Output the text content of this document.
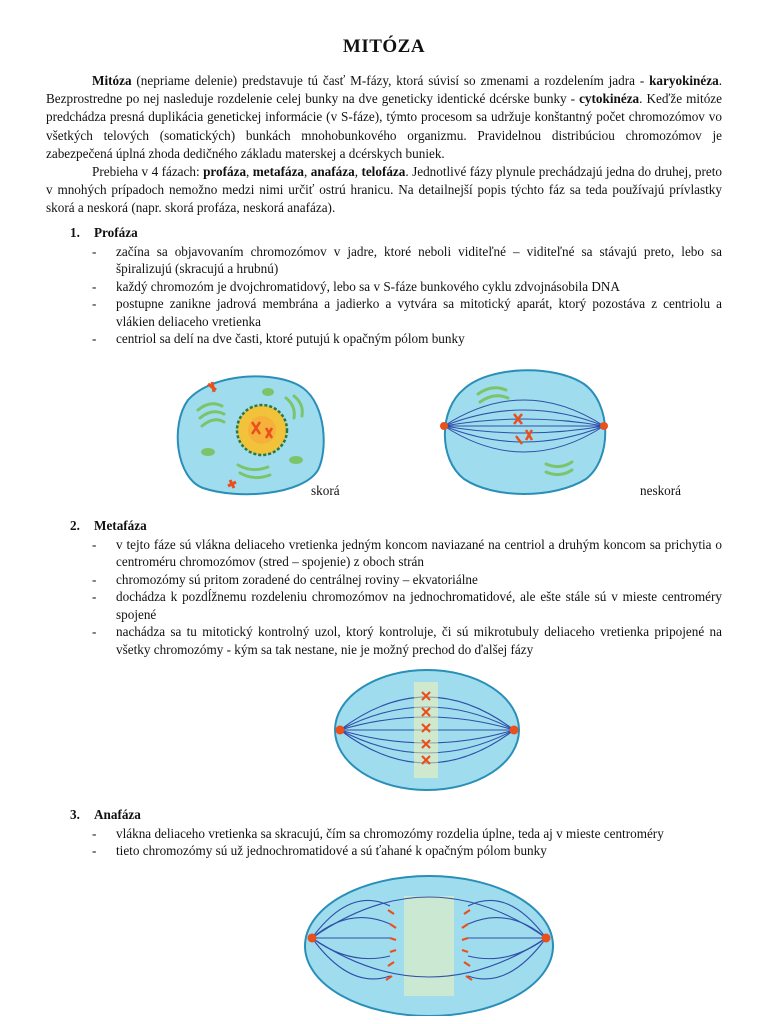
MITÓZA

Mitóza (nepriame delenie) predstavuje tú časť M-fázy, ktorá súvisí so zmenami a rozdelením jadra - karyokinéza. Bezprostredne po nej nasleduje rozdelenie celej bunky na dve geneticky identické dcérske bunky - cytokinéza. Keďže mitóze predchádza presná duplikácia genetickej informácie (v S-fáze), týmto procesom sa udržuje konštantný počet chromozómov vo všetkých telových (somatických) bunkách mnohobunkového organizmu. Pravidelnou distribúciou chromozómov je zabezpečená úplná zhoda dedičného základu materskej a dcérskych buniek.

Prebieha v 4 fázach: profáza, metafáza, anafáza, telofáza. Jednotlivé fázy plynule prechádzajú jedna do druhej, preto v mnohých prípadoch nemožno medzi nimi určiť ostrú hranicu. Na detailnejší popis týchto fáz sa teda používajú prívlastky skorá a neskorá (napr. skorá profáza, neskorá anafáza).

1.	Profáza
- začína sa objavovaním chromozómov v jadre, ktoré neboli viditeľné – viditeľné sa stávajú preto, lebo sa špiralizujú (skracujú a hrubnú)
- každý chromozóm je dvojchromatidový, lebo sa v S-fáze bunkového cyklu zdvojnásobila DNA
- postupne zanikne jadrová membrána a jadierko a vytvára sa mitotický aparát, ktorý pozostáva z centriolu a vlákien deliaceho vretienka
- centriol sa delí na dve časti, ktoré putujú k opačným pólom bunky
skorá	neskorá
2.	Metafáza
- v tejto fáze sú vlákna deliaceho vretienka jedným koncom naviazané na centriol a druhým koncom sa prichytia o centroméru chromozómov (stred – spojenie) z oboch strán
- chromozómy sú pritom zoradené do centrálnej roviny – ekvatoriálne
- dochádza k pozdĺžnemu rozdeleniu chromozómov na jednochromatidové, ale ešte stále sú v mieste centroméry spojené
- nachádza sa tu mitotický kontrolný uzol, ktorý kontroluje, či sú mikrotubuly deliaceho vretienka pripojené na všetky chromozómy - kým sa tak nestane, nie je možný prechod do ďalšej fázy
3.	Anafáza
- vlákna deliaceho vretienka sa skracujú, čím sa chromozómy rozdelia úplne, teda aj v mieste centroméry
- tieto chromozómy sú už jednochromatidové a sú ťahané k opačným pólom bunky
